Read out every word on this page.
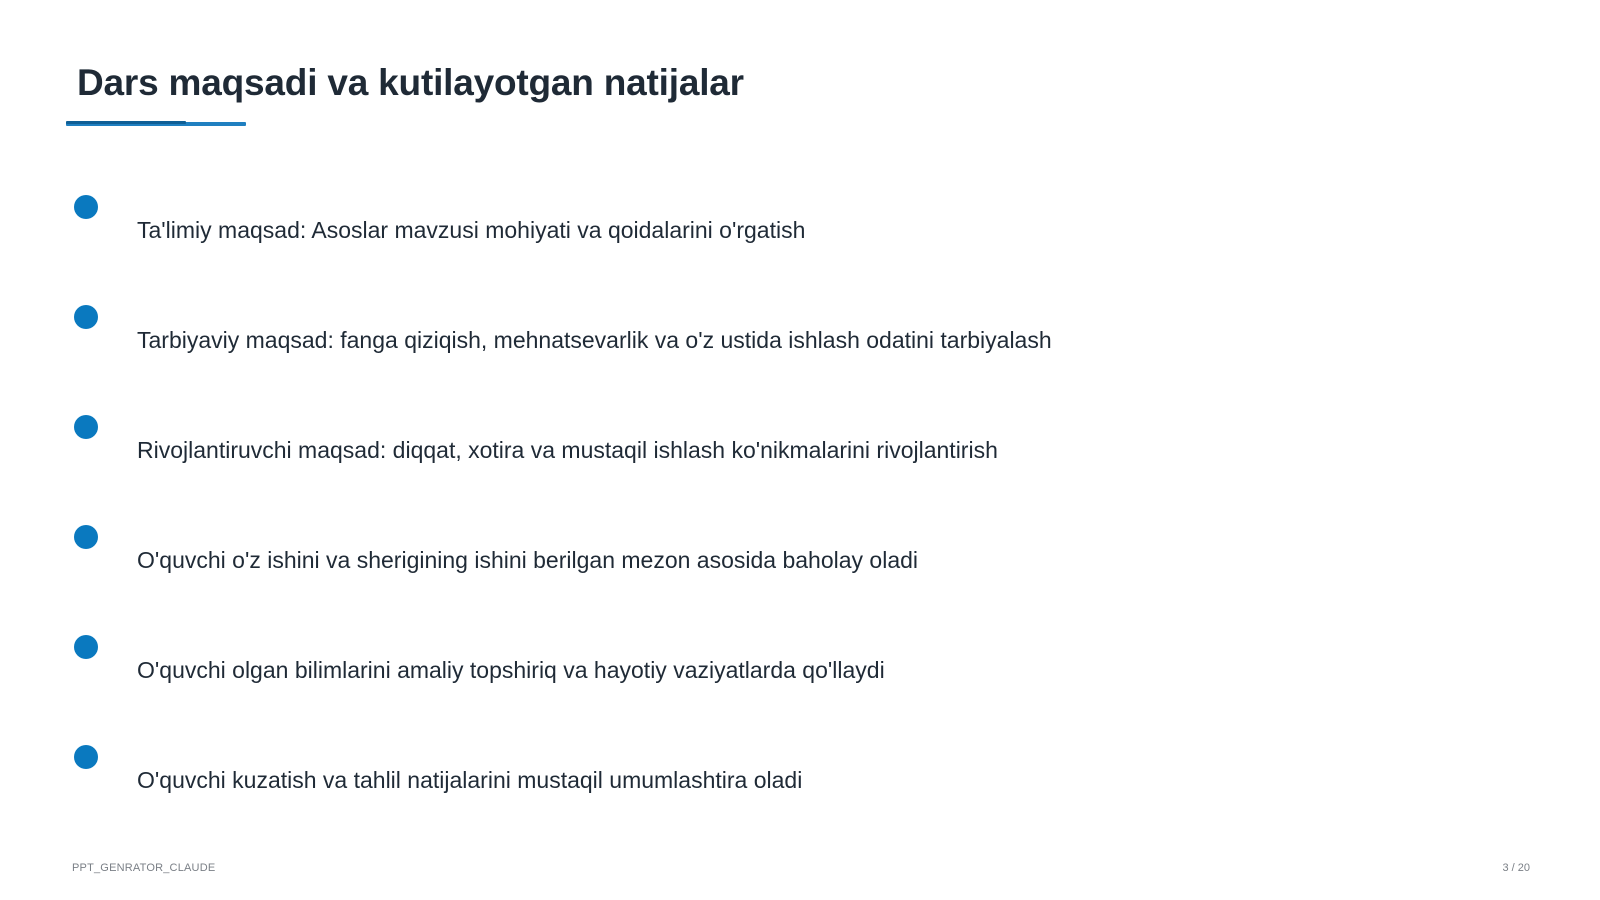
Dars maqsadi va kutilayotgan natijalar
Ta'limiy maqsad: Asoslar mavzusi mohiyati va qoidalarini o'rgatish
Tarbiyaviy maqsad: fanga qiziqish, mehnatsevarlik va o'z ustida ishlash odatini tarbiyalash
Rivojlantiruvchi maqsad: diqqat, xotira va mustaqil ishlash ko'nikmalarini rivojlantirish
O'quvchi o'z ishini va sherigining ishini berilgan mezon asosida baholay oladi
O'quvchi olgan bilimlarini amaliy topshiriq va hayotiy vaziyatlarda qo'llaydi
O'quvchi kuzatish va tahlil natijalarini mustaqil umumlashtira oladi
PPT_GENRATOR_CLAUDE	3 / 20
